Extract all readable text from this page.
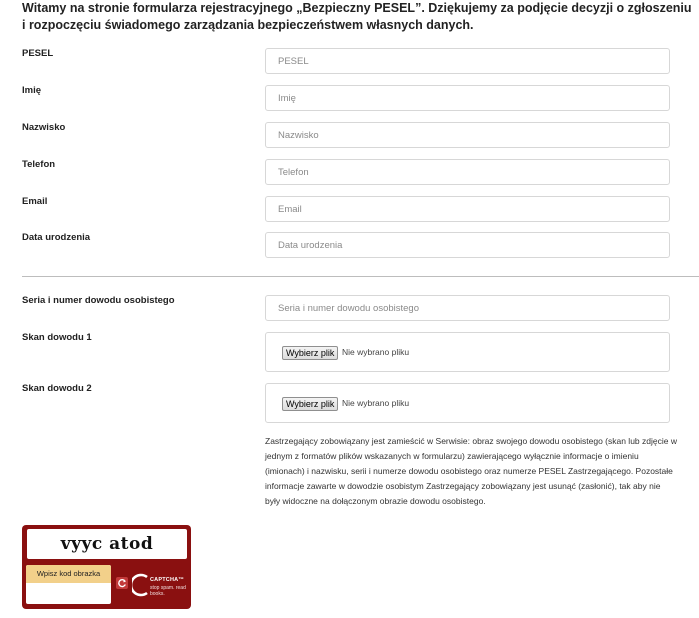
Witamy na stronie formularza rejestracyjnego „Bezpieczny PESEL”. Dziękujemy za podjęcie decyzji o zgłoszeniu i rozpoczęciu świadomego zarządzania bezpieczeństwem własnych danych.
PESEL
PESEL
Imię
Imię
Nazwisko
Nazwisko
Telefon
Telefon
Email
Email
Data urodzenia
Data urodzenia
Seria i numer dowodu osobistego
Seria i numer dowodu osobistego
Skan dowodu 1
Wybierz plik Nie wybrano pliku
Skan dowodu 2
Wybierz plik Nie wybrano pliku
Zastrzegający zobowiązany jest zamieścić w Serwisie: obraz swojego dowodu osobistego (skan lub zdjęcie w jednym z formatów plików wskazanych w formularzu) zawierającego wyłącznie informacje o imieniu (imionach) i nazwisku, serii i numerze dowodu osobistego oraz numerze PESEL Zastrzegającego. Pozostałe informacje zawarte w dowodzie osobistym Zastrzegający zobowiązany jest usunąć (zasłonić), tak aby nie były widoczne na dołączonym obrazie dowodu osobistego.
vyyc atod
Wpisz kod obrazka
CAPTCHA™
stop spam. read books.
